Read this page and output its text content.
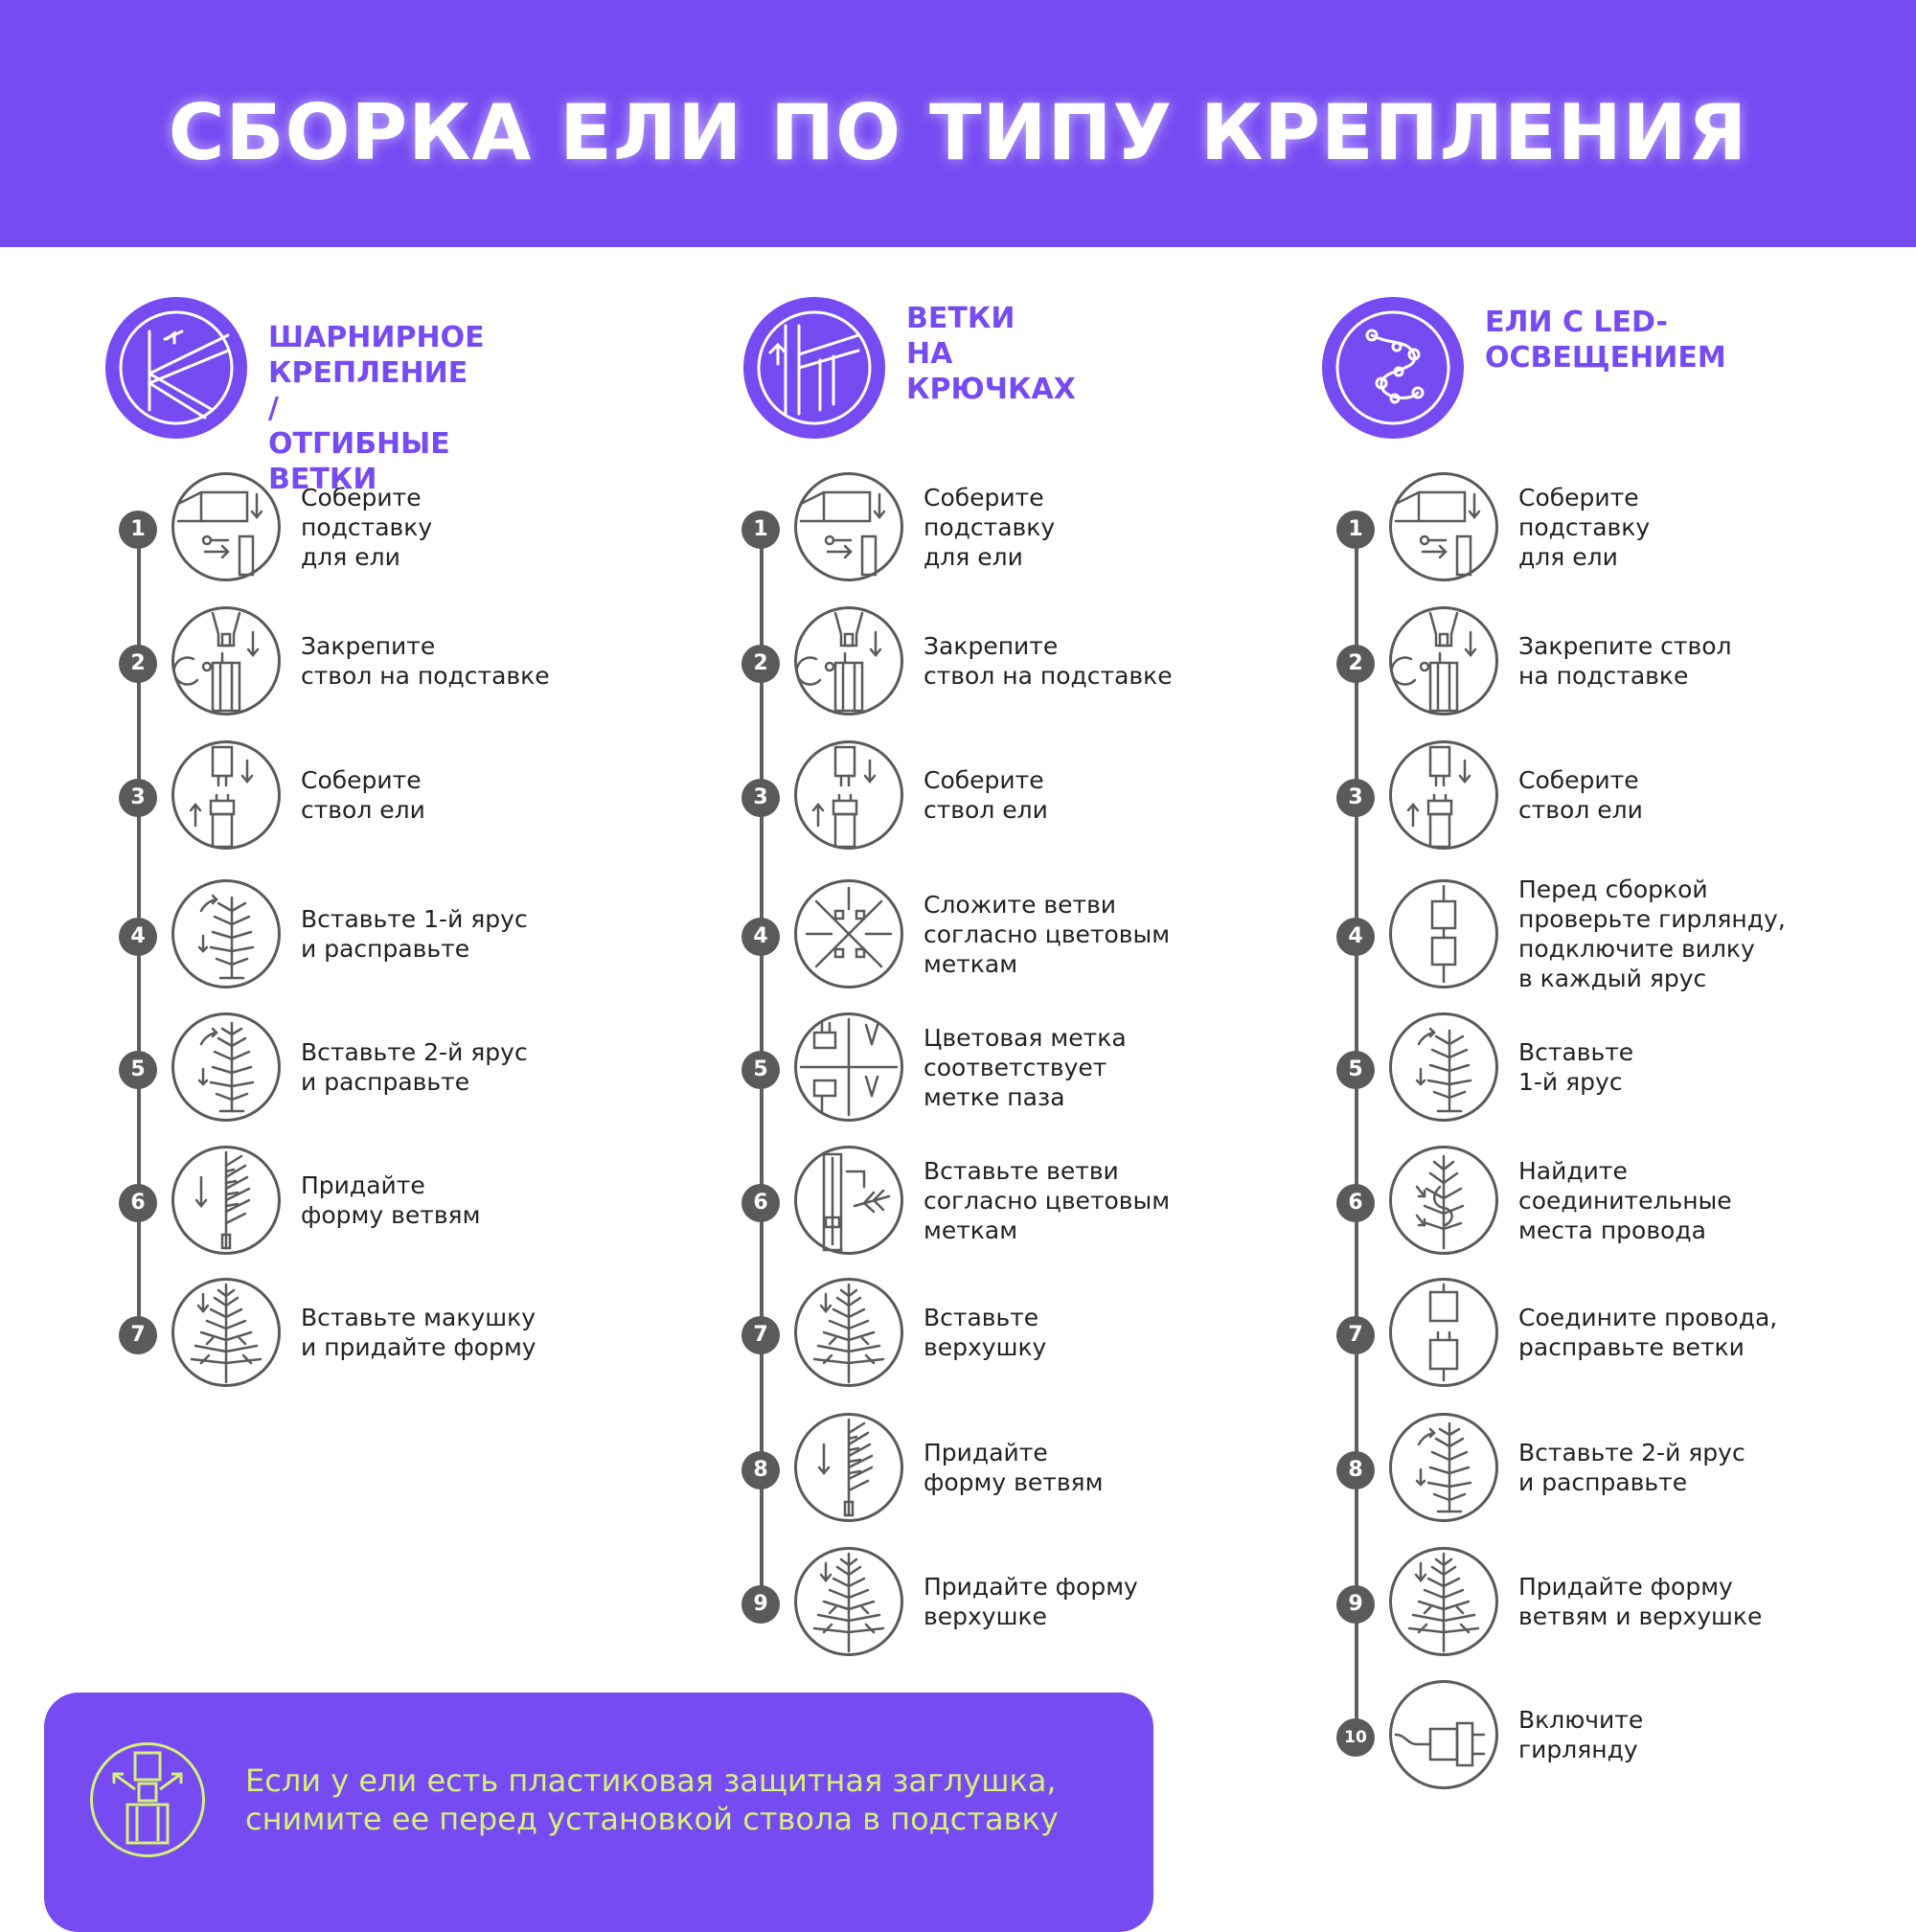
СБОРКА ЕЛИ ПО ТИПУ КРЕПЛЕНИЯ
ШАРНИРНОЕ
КРЕПЛЕНИЕ /
ОТГИБНЫЕ ВЕТКИ
1
Соберите
подставку
для ели
2
Закрепите
ствол на подставке
3
Соберите
ствол ели
4	1
Вставьте 1-й ярус
и расправьте
5	2
Вставьте 2-й ярус
и расправьте
6
Придайте
форму ветвям
7
Вставьте макушку
и придайте форму
ВЕТКИ
НА КРЮЧКАХ
1
Соберите
подставку
для ели
2
Закрепите
ствол на подставке
3
Соберите
ствол ели
4
Сложите ветви
согласно цветовым
меткам
5
Цветовая метка
соответствует
метке паза
6
Вставьте ветви
согласно цветовым
меткам
7
Вставьте
верхушку
8
Придайте
форму ветвям
9
Придайте форму
верхушке
ЕЛИ С LED-
ОСВЕЩЕНИЕМ
1
Соберите
подставку
для ели
2
Закрепите ствол
на подставке
3
Соберите
ствол ели
4
Перед сборкой
проверьте гирлянду,
подключите вилку
в каждый ярус
5	1
Вставьте
1-й ярус
6
Найдите
соединительные
места провода
7
Соедините провода,
расправьте ветки
8	2
Вставьте 2-й ярус
и расправьте
9
Придайте форму
ветвям и верхушке
10
Включите
гирлянду
Если у ели есть пластиковая защитная заглушка,
снимите ее перед установкой ствола в подставку
